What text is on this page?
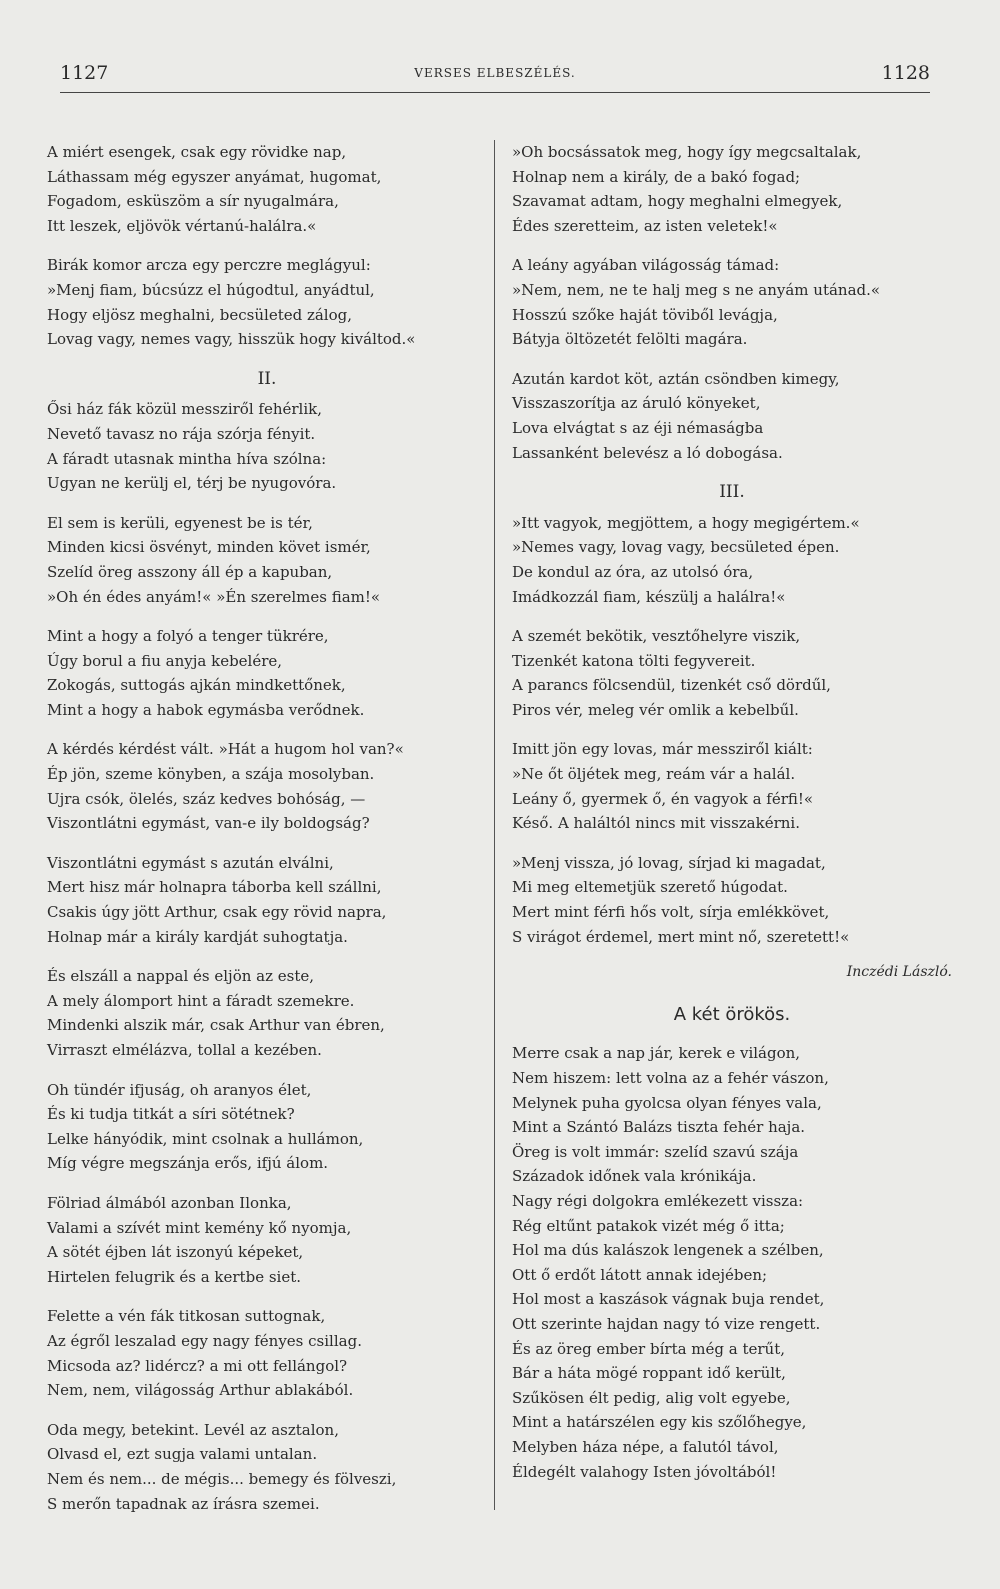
1127	VERSES ELBESZÉLÉS.	1128
A miért esengek, csak egy rövidke nap,
Láthassam még egyszer anyámat, hugomat,
Fogadom, esküszöm a sír nyugalmára,
Itt leszek, eljövök vértanú-halálra.«
Birák komor arcza egy perczre meglágyul:
»Menj fiam, búcsúzz el húgodtul, anyádtul,
Hogy eljösz meghalni, becsületed zálog,
Lovag vagy, nemes vagy, hisszük hogy kiváltod.«
II.
Ősi ház fák közül messziről fehérlik,
Nevető tavasz no rája szórja fényit.
A fáradt utasnak mintha híva szólna:
Ugyan ne kerülj el, térj be nyugovóra.
El sem is kerüli, egyenest be is tér,
Minden kicsi ösvényt, minden követ ismér,
Szelíd öreg asszony áll ép a kapuban,
»Oh én édes anyám!« »Én szerelmes fiam!«
Mint a hogy a folyó a tenger tükrére,
Úgy borul a fiu anyja kebelére,
Zokogás, suttogás ajkán mindkettőnek,
Mint a hogy a habok egymásba verődnek.
A kérdés kérdést vált. »Hát a hugom hol van?«
Ép jön, szeme könyben, a szája mosolyban.
Ujra csók, ölelés, száz kedves bohóság, —
Viszontlátni egymást, van-e ily boldogság?
Viszontlátni egymást s azután elválni,
Mert hisz már holnapra táborba kell szállni,
Csakis úgy jött Arthur, csak egy rövid napra,
Holnap már a király kardját suhogtatja.
És elszáll a nappal és eljön az este,
A mely álomport hint a fáradt szemekre.
Mindenki alszik már, csak Arthur van ébren,
Virraszt elmélázva, tollal a kezében.
Oh tündér ifjuság, oh aranyos élet,
És ki tudja titkát a síri sötétnek?
Lelke hányódik, mint csolnak a hullámon,
Míg végre megszánja erős, ifjú álom.
Fölriad álmából azonban Ilonka,
Valami a szívét mint kemény kő nyomja,
A sötét éjben lát iszonyú képeket,
Hirtelen felugrik és a kertbe siet.
Felette a vén fák titkosan suttognak,
Az égről leszalad egy nagy fényes csillag.
Micsoda az? lidércz? a mi ott fellángol?
Nem, nem, világosság Arthur ablakából.
Oda megy, betekint. Levél az asztalon,
Olvasd el, ezt sugja valami untalan.
Nem és nem... de mégis... bemegy és fölveszi,
S merőn tapadnak az írásra szemei.
»Oh bocsássatok meg, hogy így megcsaltalak,
Holnap nem a király, de a bakó fogad;
Szavamat adtam, hogy meghalni elmegyek,
Édes szeretteim, az isten veletek!«
A leány agyában világosság támad:
»Nem, nem, ne te halj meg s ne anyám utánad.«
Hosszú szőke haját töviből levágja,
Bátyja öltözetét felölti magára.
Azután kardot köt, aztán csöndben kimegy,
Visszaszorítja az áruló könyeket,
Lova elvágtat s az éji némaságba
Lassanként belevész a ló dobogása.
III.
»Itt vagyok, megjöttem, a hogy megigértem.«
»Nemes vagy, lovag vagy, becsületed épen.
De kondul az óra, az utolsó óra,
Imádkozzál fiam, készülj a halálra!«
A szemét bekötik, vesztőhelyre viszik,
Tizenkét katona tölti fegyvereit.
A parancs fölcsendül, tizenkét cső dördűl,
Piros vér, meleg vér omlik a kebelbűl.
Imitt jön egy lovas, már messziről kiált:
»Ne őt öljétek meg, reám vár a halál.
Leány ő, gyermek ő, én vagyok a férfi!«
Késő. A haláltól nincs mit visszakérni.
»Menj vissza, jó lovag, sírjad ki magadat,
Mi meg eltemetjük szerető húgodat.
Mert mint férfi hős volt, sírja emlékkövet,
S virágot érdemel, mert mint nő, szeretett!«
Inczédi László.
A két örökös.
Merre csak a nap jár, kerek e világon,
Nem hiszem: lett volna az a fehér vászon,
Melynek puha gyolcsa olyan fényes vala,
Mint a Szántó Balázs tiszta fehér haja.
Öreg is volt immár: szelíd szavú szája
Századok időnek vala krónikája.
Nagy régi dolgokra emlékezett vissza:
Rég eltűnt patakok vizét még ő itta;
Hol ma dús kalászok lengenek a szélben,
Ott ő erdőt látott annak idejében;
Hol most a kaszások vágnak buja rendet,
Ott szerinte hajdan nagy tó vize rengett.
És az öreg ember bírta még a terűt,
Bár a háta mögé roppant idő került,
Szűkösen élt pedig, alig volt egyebe,
Mint a határszélen egy kis szőlőhegye,
Melyben háza népe, a falutól távol,
Éldegélt valahogy Isten jóvoltából!
